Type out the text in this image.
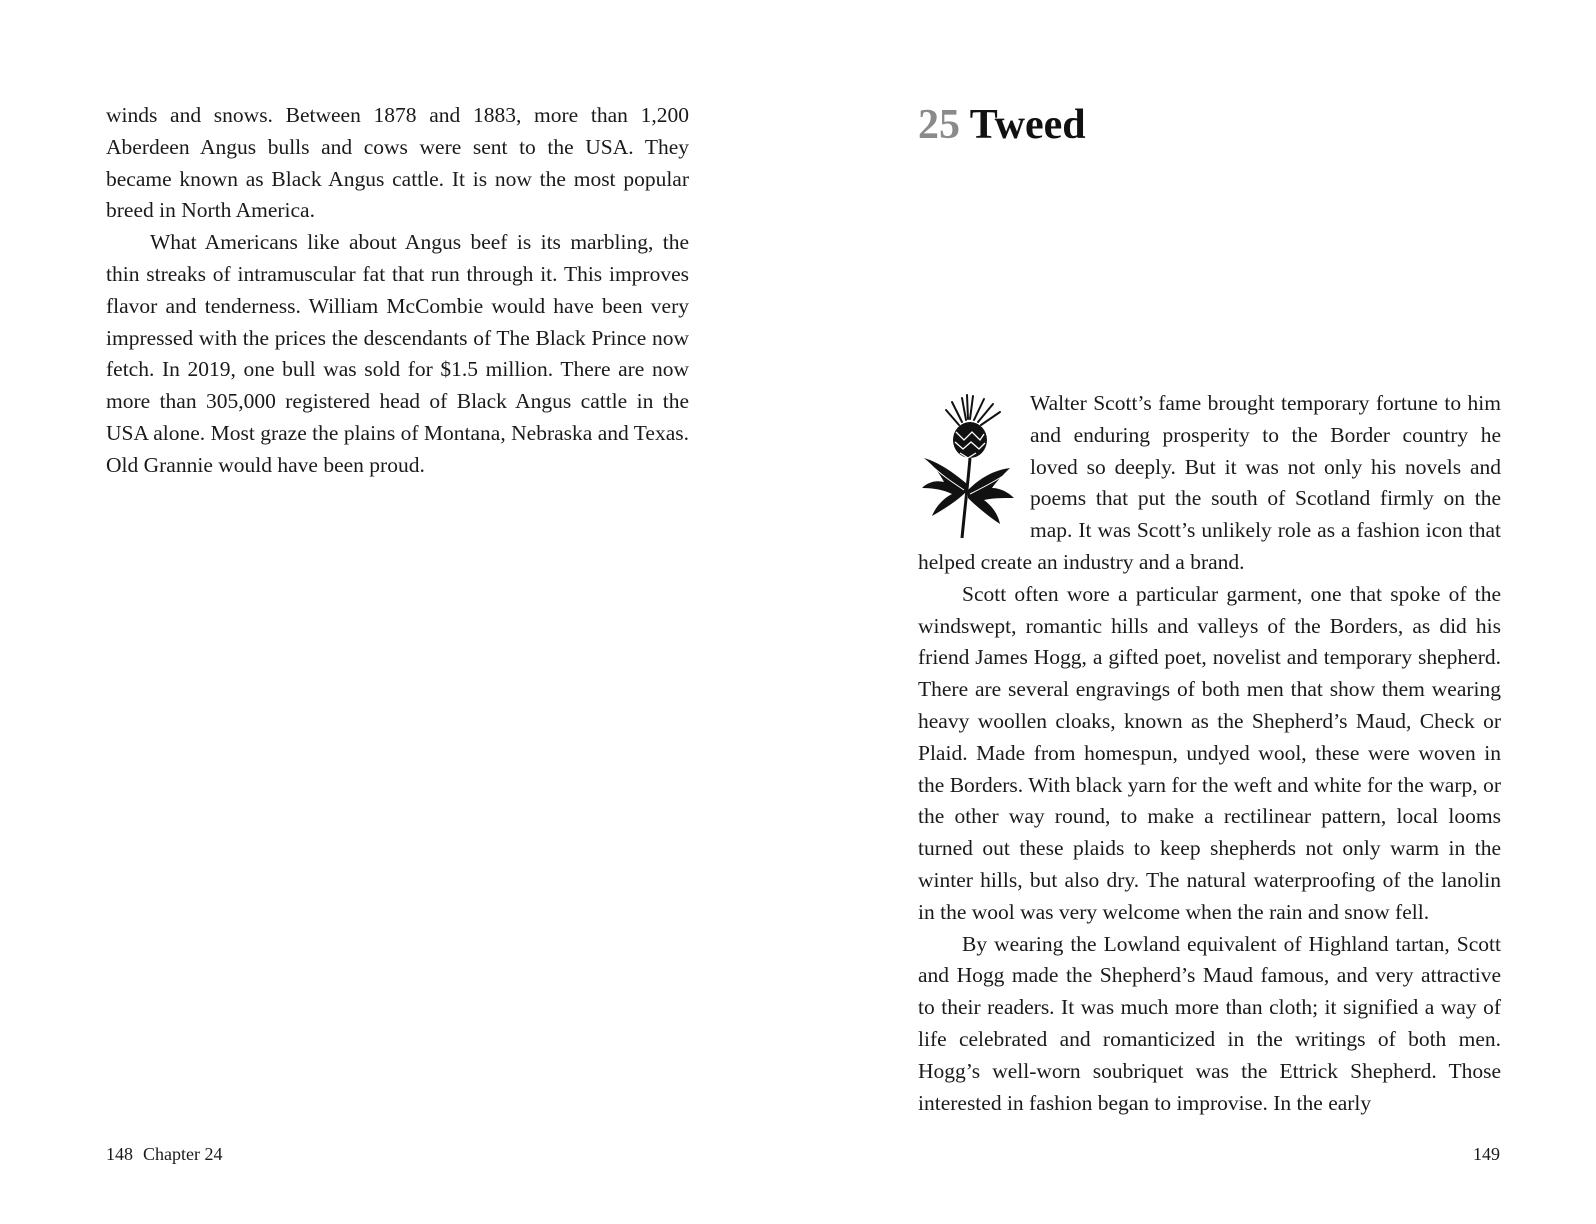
winds and snows. Between 1878 and 1883, more than 1,200 Aberdeen Angus bulls and cows were sent to the USA. They became known as Black Angus cattle. It is now the most popular breed in North America.

What Americans like about Angus beef is its marbling, the thin streaks of intramuscular fat that run through it. This improves flavor and tenderness. William McCombie would have been very impressed with the prices the descendants of The Black Prince now fetch. In 2019, one bull was sold for $1.5 million. There are now more than 305,000 registered head of Black Angus cattle in the USA alone. Most graze the plains of Montana, Nebraska and Texas. Old Grannie would have been proud.

148 Chapter 24
25 Tweed

Walter Scott’s fame brought temporary fortune to him and enduring prosperity to the Border country he loved so deeply. But it was not only his novels and poems that put the south of Scotland firmly on the map. It was Scott’s unlikely role as a fashion icon that helped create an industry and a brand.

Scott often wore a particular garment, one that spoke of the windswept, romantic hills and valleys of the Borders, as did his friend James Hogg, a gifted poet, novelist and temporary shepherd. There are several engravings of both men that show them wearing heavy woollen cloaks, known as the Shepherd’s Maud, Check or Plaid. Made from homespun, undyed wool, these were woven in the Borders. With black yarn for the weft and white for the warp, or the other way round, to make a rectilinear pattern, local looms turned out these plaids to keep shepherds not only warm in the winter hills, but also dry. The natural waterproofing of the lanolin in the wool was very welcome when the rain and snow fell.

By wearing the Lowland equivalent of Highland tartan, Scott and Hogg made the Shepherd’s Maud famous, and very attractive to their readers. It was much more than cloth; it signified a way of life celebrated and romanticized in the writings of both men. Hogg’s well-worn soubriquet was the Ettrick Shepherd. Those interested in fashion began to improvise. In the early

149
